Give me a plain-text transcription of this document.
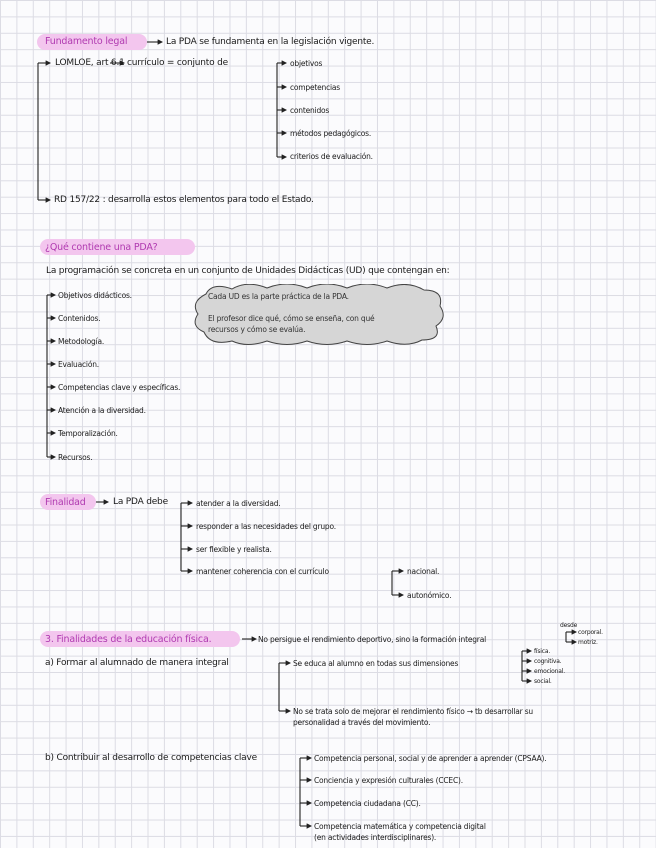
Fundamento legal	La PDA se fundamenta en la legislación vigente.
LOMLOE, art 6.1 currículo = conjunto de	objetivos
competencias
contenidos
métodos pedagógicos.
criterios de evaluación.
RD 157/22 : desarrolla estos elementos para todo el Estado.
¿Qué contiene una PDA?
La programación se concreta en un conjunto de Unidades Didácticas (UD) que contengan en:
Objetivos didácticos.
Contenidos.
Metodología.
Evaluación.
Competencias clave y específicas.
Atención a la diversidad.
Temporalización.
Recursos.
Cada UD es la parte práctica de la PDA.
El profesor dice qué, cómo se enseña, con qué
recursos y cómo se evalúa.
Finalidad	La PDA debe	atender a la diversidad.
responder a las necesidades del grupo.
ser flexible y realista.
mantener coherencia con el currículo	nacional.
autonómico.
3. Finalidades de la educación física.	No persigue el rendimiento deportivo, sino la formación integral
desde
corporal.
motriz.
a) Formar al alumnado de manera integral	Se educa al alumno en todas sus dimensiones
física.
cognitiva.
emocional.
social.
No se trata solo de mejorar el rendimiento físico → tb desarrollar su
personalidad a través del movimiento.
b) Contribuir al desarrollo de competencias clave	Competencia personal, social y de aprender a aprender (CPSAA).
Conciencia y expresión culturales (CCEC).
Competencia ciudadana (CC).
Competencia matemática y competencia digital
(en actividades interdisciplinares).
